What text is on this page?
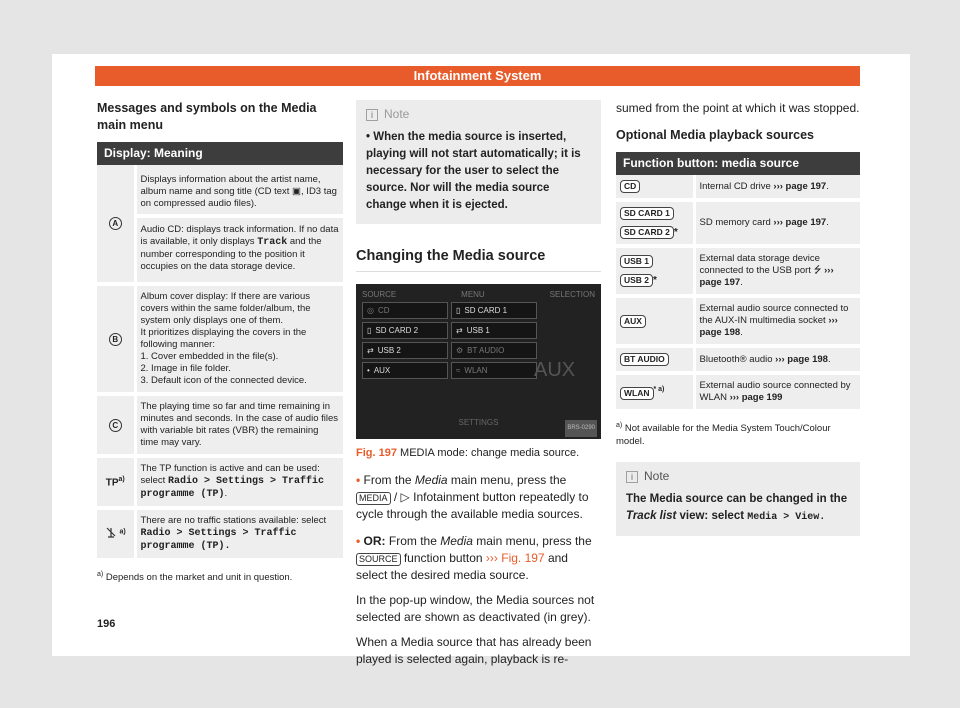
Infotainment System
Messages and symbols on the Media main menu
Display: Meaning
A	Displays information about the artist name, album name and song title (CD text ▣, ID3 tag on compressed audio files).
Audio CD: displays track information. If no data is available, it only displays Track and the number corresponding to the position it occupies on the data storage device.

B	Album cover display: If there are various covers within the same folder/album, the system only displays one of them.
It prioritizes displaying the covers in the following manner:
1. Cover embedded in the file(s).
2. Image in file folder.
3. Default icon of the connected device.
C	The playing time so far and time remaining in minutes and seconds. In the case of audio files with variable bit rates (VBR) the remaining time may vary.
TP$^{a)}$	The TP function is active and can be used: select Radio > Settings > Traffic programme (TP).
$^{a)}$	There are no traffic stations available: select Radio > Settings > Traffic programme (TP).
$^{a)}$ Depends on the market and unit in question.
i Note
• When the media source is inserted, playing will not start automatically; it is necessary for the user to select the source. Nor will the media source change when it is ejected.
Changing the Media source
SOURCE	MENU	SELECTION
◎ CD	▯ SD CARD 1
▯ SD CARD 2	⇄ USB 1
⇄ USB 2	⚙ BT AUDIO
• AUX	≈ WLAN AUX
SETTINGS
BRS-0290
Fig. 197 MEDIA mode: change media source.
• From the Media main menu, press the MEDIA / ▷ Infotainment button repeatedly to cycle through the available media sources.
• OR: From the Media main menu, press the SOURCE function button ››› Fig. 197 and select the desired media source.

In the pop-up window, the Media sources not selected are shown as deactivated (in grey).

When a Media source that has already been played is selected again, playback is re-

sumed from the point at which it was stopped.

Optional Media playback sources
Function button: media source
CD	Internal CD drive ››› page 197.
SD CARD 1
SD CARD 2 *	SD memory card ››› page 197.
USB 1
USB 2 *	External data storage device connected to the USB port ⭍ ››› page 197.
AUX	External audio source connected to the AUX-IN multimedia socket ››› page 198.
BT AUDIO	Bluetooth® audio ››› page 198.
WLAN $^{* a)}$	External audio source connected by WLAN ››› page 199
$^{a)}$ Not available for the Media System Touch/Colour model.
i Note
The Media source can be changed in the Track list view: select Media > View.
196
